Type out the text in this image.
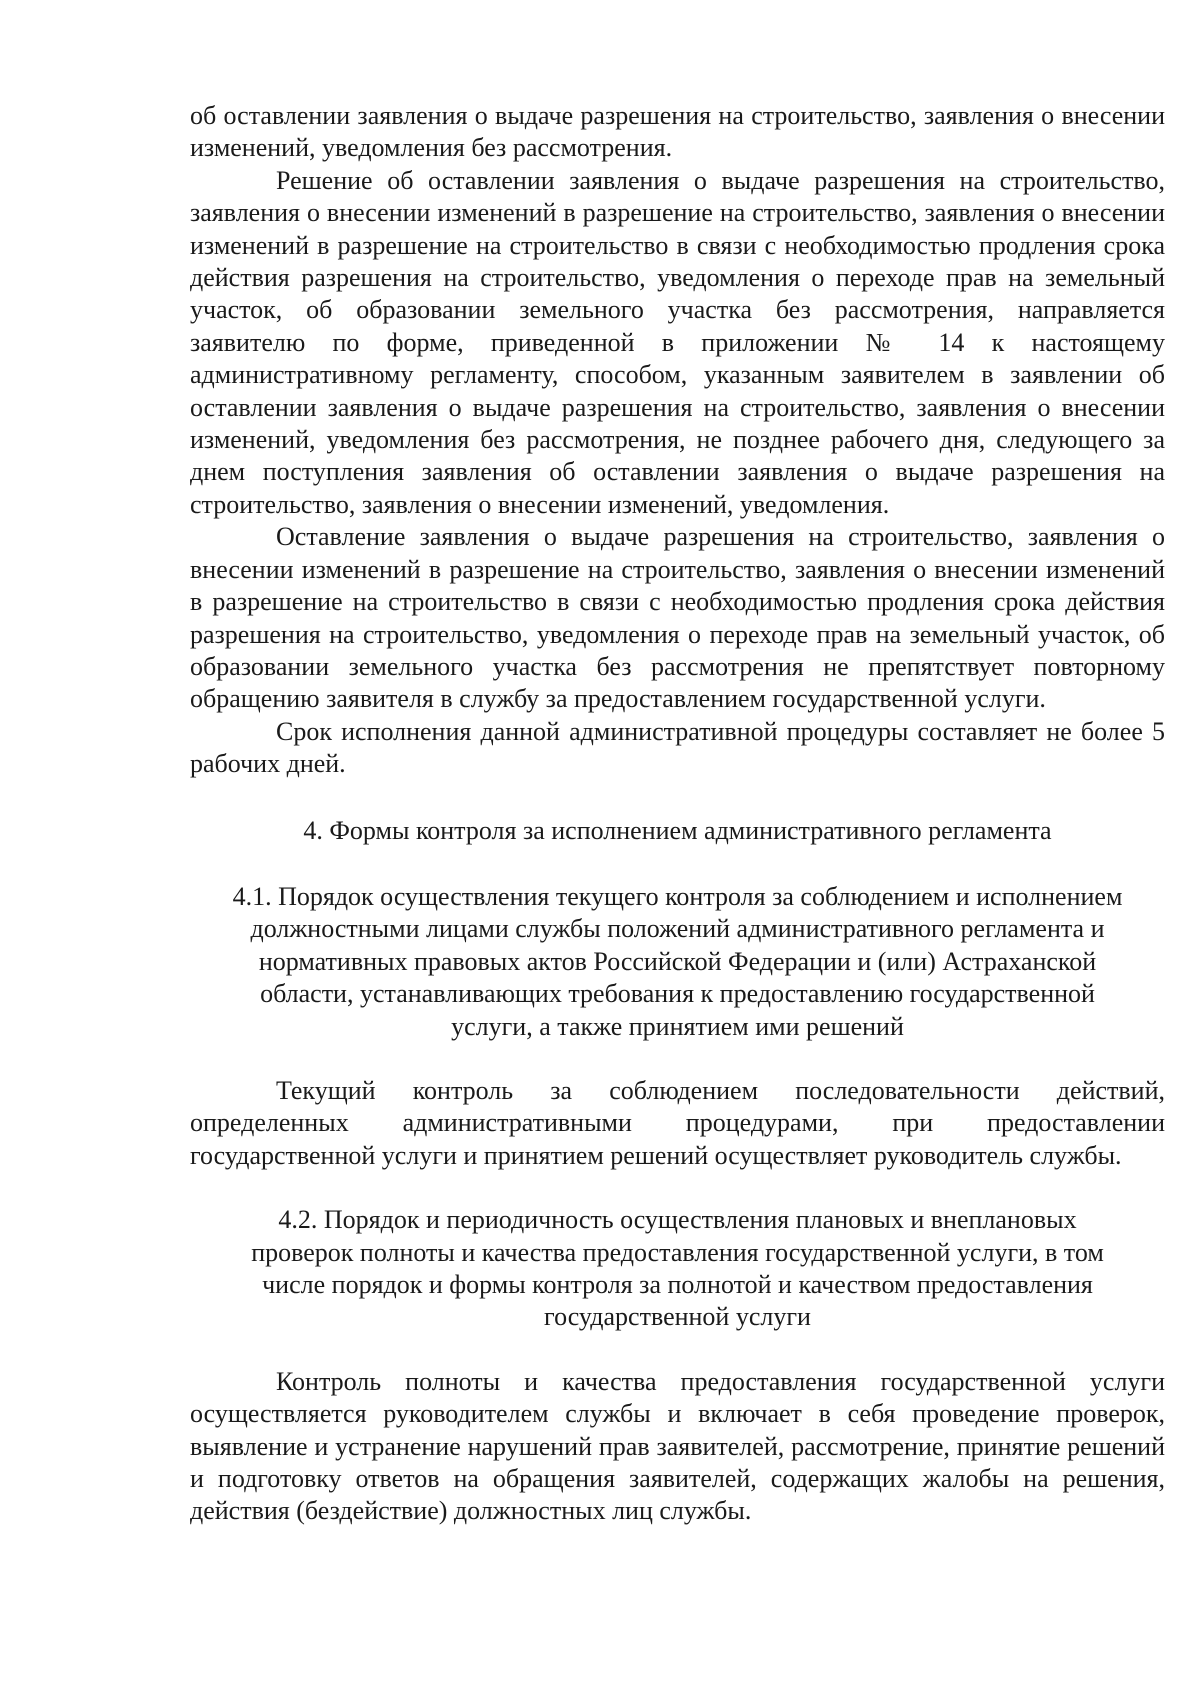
об оставлении заявления о выдаче разрешения на строительство, заявления о внесении изменений, уведомления без рассмотрения.

Решение об оставлении заявления о выдаче разрешения на строительство, заявления о внесении изменений в разрешение на строительство, заявления о внесении изменений в разрешение на строительство в связи с необходимостью продления срока действия разрешения на строительство, уведомления о переходе прав на земельный участок, об образовании земельного участка без рассмотрения, направляется заявителю по форме, приведенной в приложении № 14 к настоящему административному регламенту, способом, указанным заявителем в заявлении об оставлении заявления о выдаче разрешения на строительство, заявления о внесении изменений, уведомления без рассмотрения, не позднее рабочего дня, следующего за днем поступления заявления об оставлении заявления о выдаче разрешения на строительство, заявления о внесении изменений, уведомления.

Оставление заявления о выдаче разрешения на строительство, заявления о внесении изменений в разрешение на строительство, заявления о внесении изменений в разрешение на строительство в связи с необходимостью продления срока действия разрешения на строительство, уведомления о переходе прав на земельный участок, об образовании земельного участка без рассмотрения не препятствует повторному обращению заявителя в службу за предоставлением государственной услуги.

Срок исполнения данной административной процедуры составляет не более 5 рабочих дней.

4. Формы контроля за исполнением административного регламента

4.1. Порядок осуществления текущего контроля за соблюдением и исполнением

должностными лицами службы положений административного регламента и

нормативных правовых актов Российской Федерации и (или) Астраханской

области, устанавливающих требования к предоставлению государственной

услуги, а также принятием ими решений

Текущий контроль за соблюдением последовательности действий, определенных административными процедурами, при предоставлении государственной услуги и принятием решений осуществляет руководитель службы.

4.2. Порядок и периодичность осуществления плановых и внеплановых

проверок полноты и качества предоставления государственной услуги, в том

числе порядок и формы контроля за полнотой и качеством предоставления

государственной услуги

Контроль полноты и качества предоставления государственной услуги осуществляется руководителем службы и включает в себя проведение проверок, выявление и устранение нарушений прав заявителей, рассмотрение, принятие решений и подготовку ответов на обращения заявителей, содержащих жалобы на решения, действия (бездействие) должностных лиц службы.
